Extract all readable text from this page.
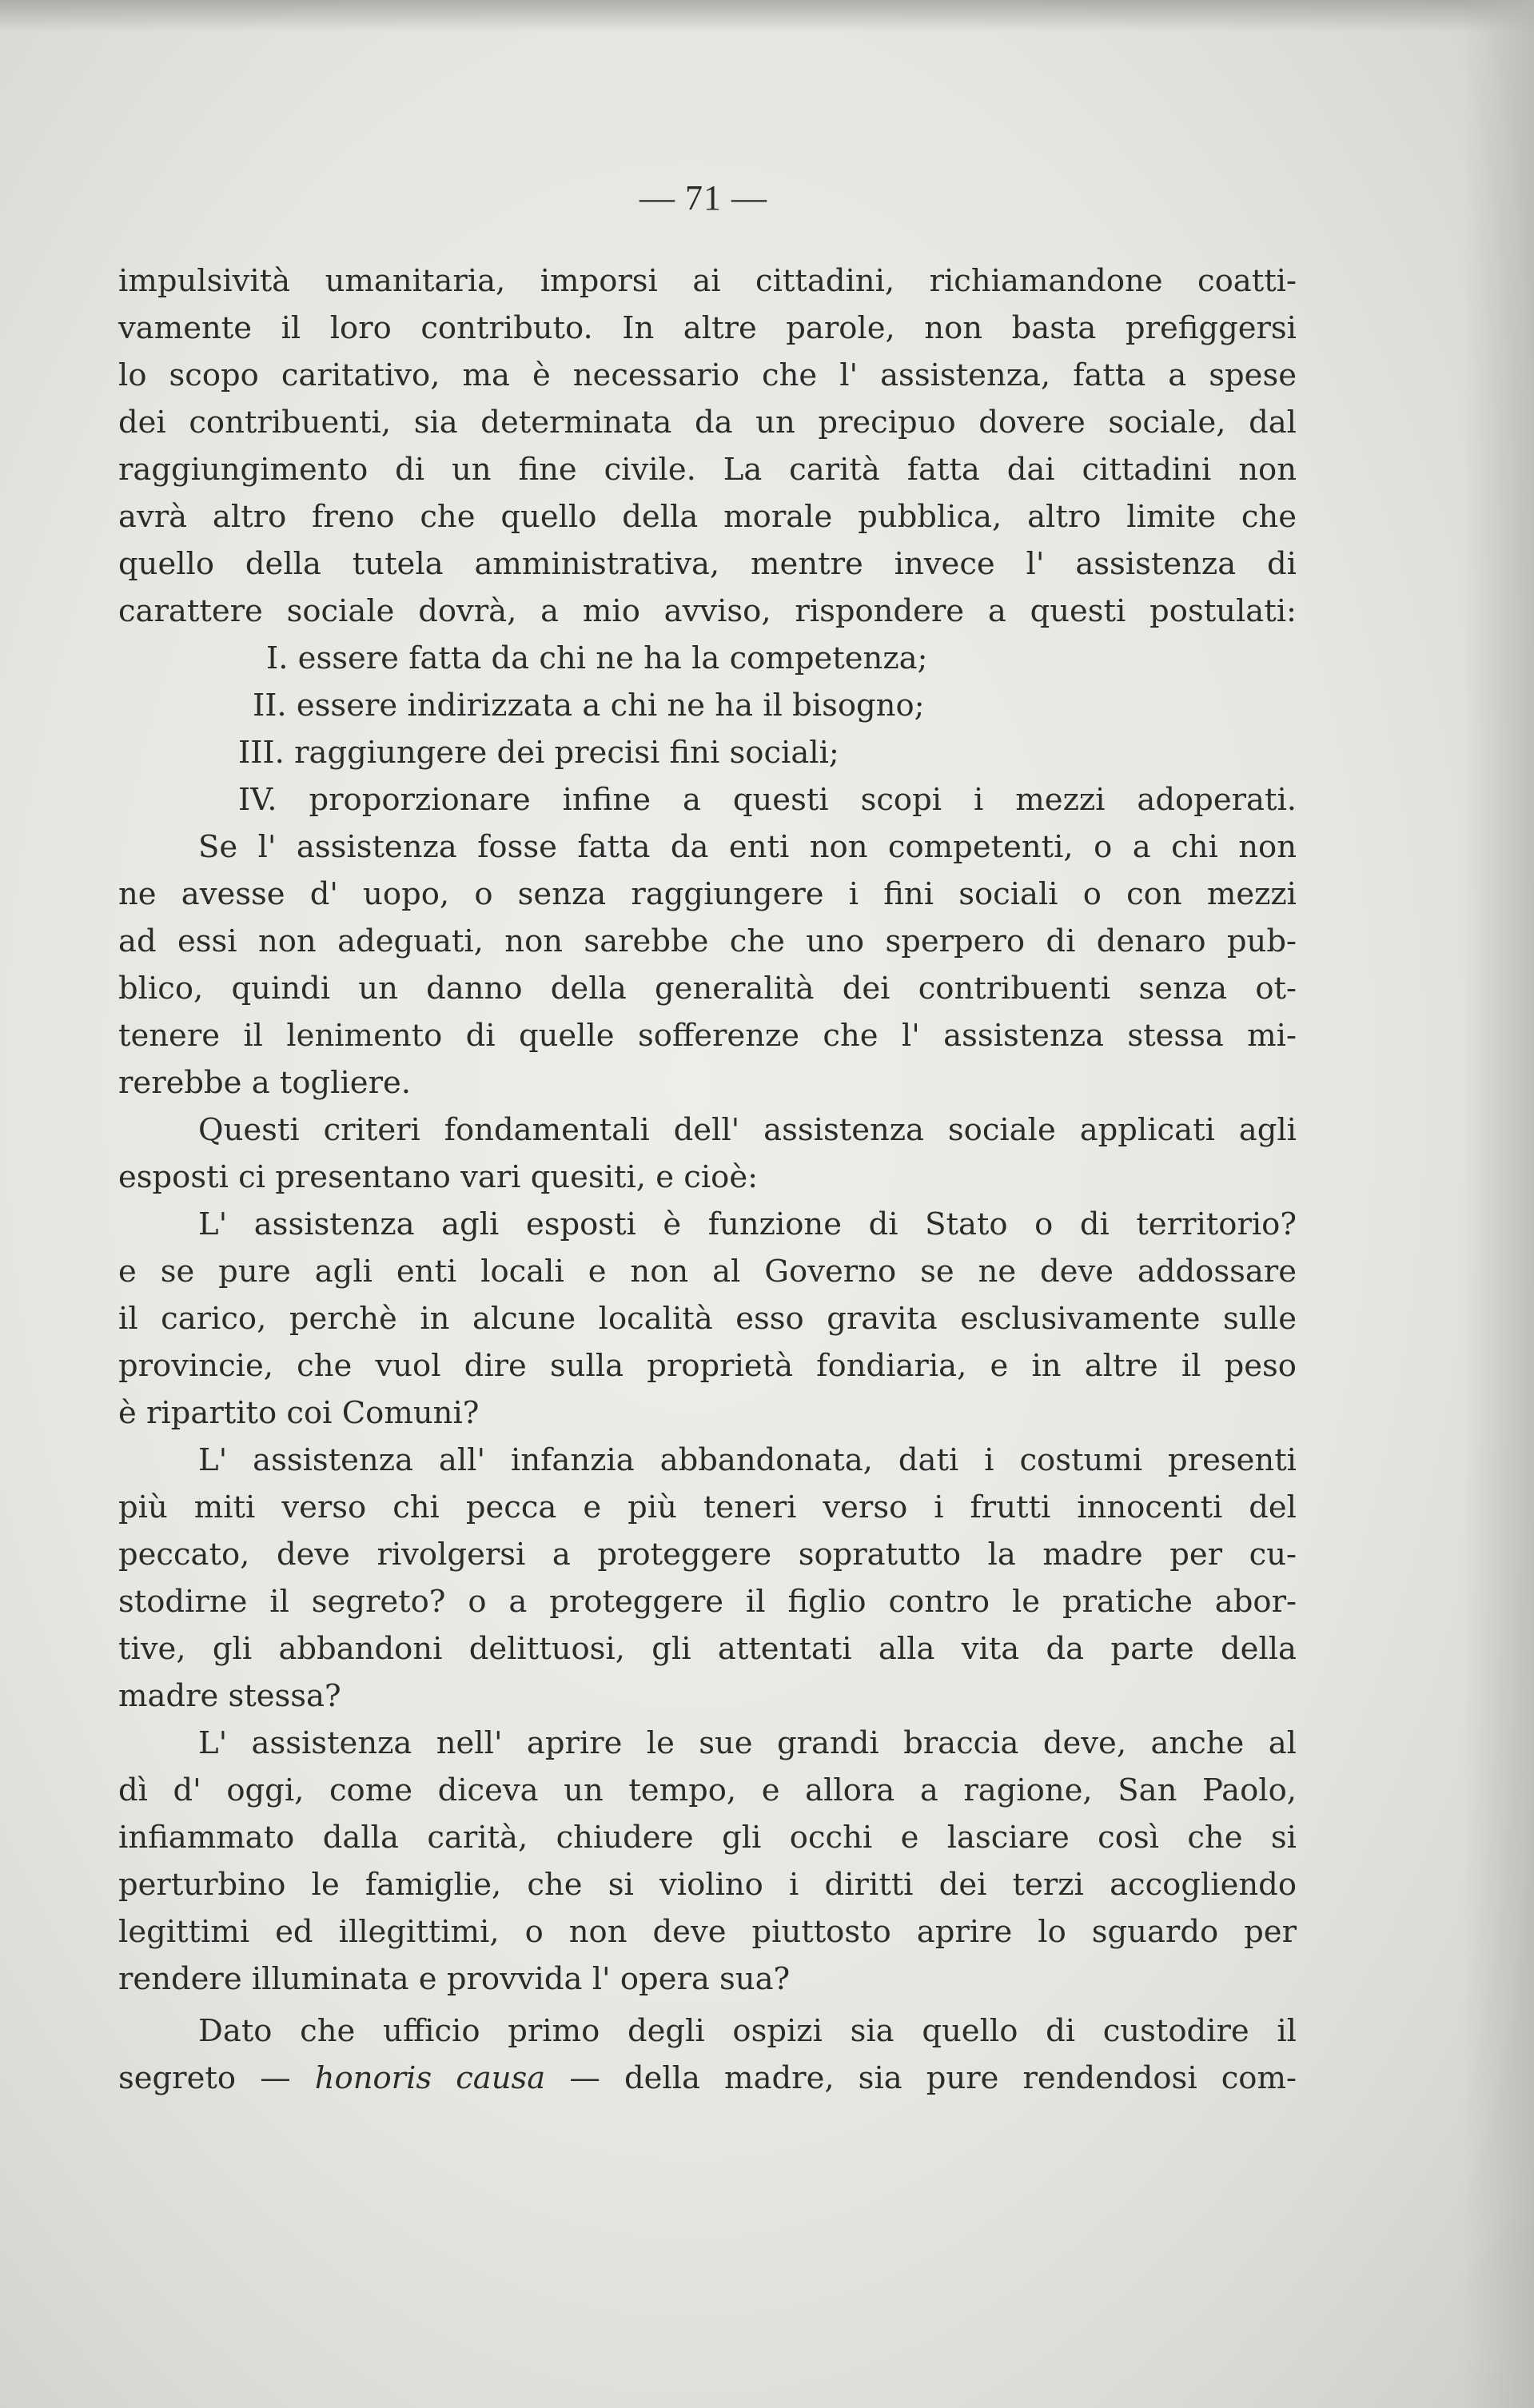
— 71 —
impulsività umanitaria, imporsi ai cittadini, richiamandone coatti-
vamente il loro contributo. In altre parole, non basta prefiggersi
lo scopo caritativo, ma è necessario che l' assistenza, fatta a spese
dei contribuenti, sia determinata da un precipuo dovere sociale, dal
raggiungimento di un fine civile. La carità fatta dai cittadini non
avrà altro freno che quello della morale pubblica, altro limite che
quello della tutela amministrativa, mentre invece l' assistenza di
carattere sociale dovrà, a mio avviso, rispondere a questi postulati:
I. essere fatta da chi ne ha la competenza;
II. essere indirizzata a chi ne ha il bisogno;
III. raggiungere dei precisi fini sociali;
IV. proporzionare infine a questi scopi i mezzi adoperati.
Se l' assistenza fosse fatta da enti non competenti, o a chi non
ne avesse d' uopo, o senza raggiungere i fini sociali o con mezzi
ad essi non adeguati, non sarebbe che uno sperpero di denaro pub-
blico, quindi un danno della generalità dei contribuenti senza ot-
tenere il lenimento di quelle sofferenze che l' assistenza stessa mi-
rerebbe a togliere.
Questi criteri fondamentali dell' assistenza sociale applicati agli
esposti ci presentano vari quesiti, e cioè:
L' assistenza agli esposti è funzione di Stato o di territorio?
e se pure agli enti locali e non al Governo se ne deve addossare
il carico, perchè in alcune località esso gravita esclusivamente sulle
provincie, che vuol dire sulla proprietà fondiaria, e in altre il peso
è ripartito coi Comuni?
L' assistenza all' infanzia abbandonata, dati i costumi presenti
più miti verso chi pecca e più teneri verso i frutti innocenti del
peccato, deve rivolgersi a proteggere sopratutto la madre per cu-
stodirne il segreto? o a proteggere il figlio contro le pratiche abor-
tive, gli abbandoni delittuosi, gli attentati alla vita da parte della
madre stessa?
L' assistenza nell' aprire le sue grandi braccia deve, anche al
dì d' oggi, come diceva un tempo, e allora a ragione, San Paolo,
infiammato dalla carità, chiudere gli occhi e lasciare così che si
perturbino le famiglie, che si violino i diritti dei terzi accogliendo
legittimi ed illegittimi, o non deve piuttosto aprire lo sguardo per
rendere illuminata e provvida l' opera sua?
Dato che ufficio primo degli ospizi sia quello di custodire il
segreto — honoris causa — della madre, sia pure rendendosi com-
